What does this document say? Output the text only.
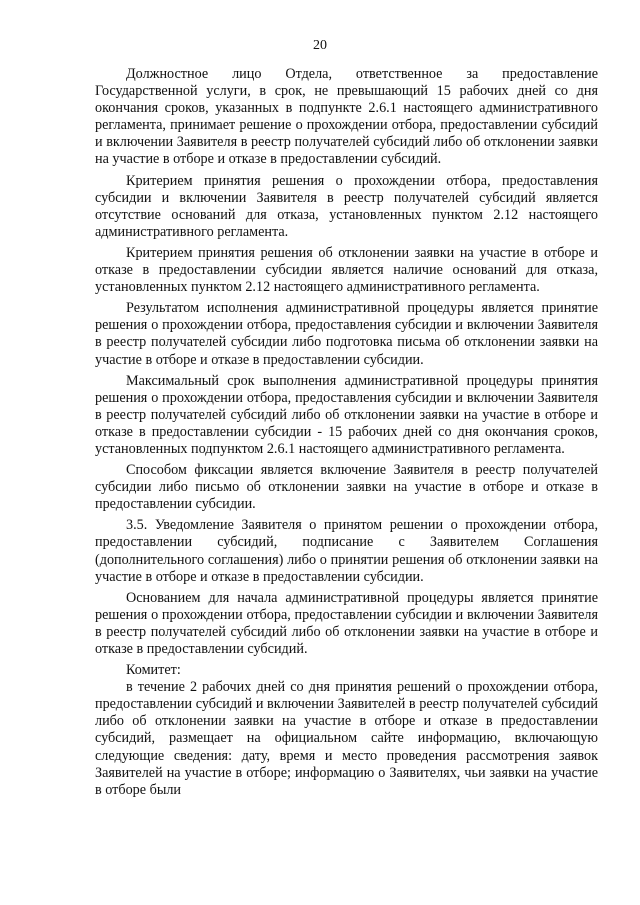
20

Должностное лицо Отдела, ответственное за предоставление Государственной услуги, в срок, не превышающий 15 рабочих дней со дня окончания сроков, указанных в подпункте 2.6.1 настоящего административного регламента, принимает решение о прохождении отбора, предоставлении субсидий и включении Заявителя в реестр получателей субсидий либо об отклонении заявки на участие в отборе и отказе в предоставлении субсидий.

Критерием принятия решения о прохождении отбора, предоставления субсидии и включении Заявителя в реестр получателей субсидий является отсутствие оснований для отказа, установленных пунктом 2.12 настоящего административного регламента.

Критерием принятия решения об отклонении заявки на участие в отборе и отказе в предоставлении субсидии является наличие оснований для отказа, установленных пунктом 2.12 настоящего административного регламента.

Результатом исполнения административной процедуры является принятие решения о прохождении отбора, предоставления субсидии и включении Заявителя в реестр получателей субсидии либо подготовка письма об отклонении заявки на участие в отборе и отказе в предоставлении субсидии.

Максимальный срок выполнения административной процедуры принятия решения о прохождении отбора, предоставления субсидии и включении Заявителя в реестр получателей субсидий либо об отклонении заявки на участие в отборе и отказе в предоставлении субсидии - 15 рабочих дней со дня окончания сроков, установленных подпунктом 2.6.1 настоящего административного регламента.

Способом фиксации является включение Заявителя в реестр получателей субсидии либо письмо об отклонении заявки на участие в отборе и отказе в предоставлении субсидии.

3.5. Уведомление Заявителя о принятом решении о прохождении отбора, предоставлении субсидий, подписание с Заявителем Соглашения (дополнительного соглашения) либо о принятии решения об отклонении заявки на участие в отборе и отказе в предоставлении субсидии.

Основанием для начала административной процедуры является принятие решения о прохождении отбора, предоставлении субсидии и включении Заявителя в реестр получателей субсидий либо об отклонении заявки на участие в отборе и отказе в предоставлении субсидий.

Комитет:

в течение 2 рабочих дней со дня принятия решений о прохождении отбора, предоставлении субсидий и включении Заявителей в реестр получателей субсидий либо об отклонении заявки на участие в отборе и отказе в предоставлении субсидий, размещает на официальном сайте информацию, включающую следующие сведения: дату, время и место проведения рассмотрения заявок Заявителей на участие в отборе; информацию о Заявителях, чьи заявки на участие в отборе были
